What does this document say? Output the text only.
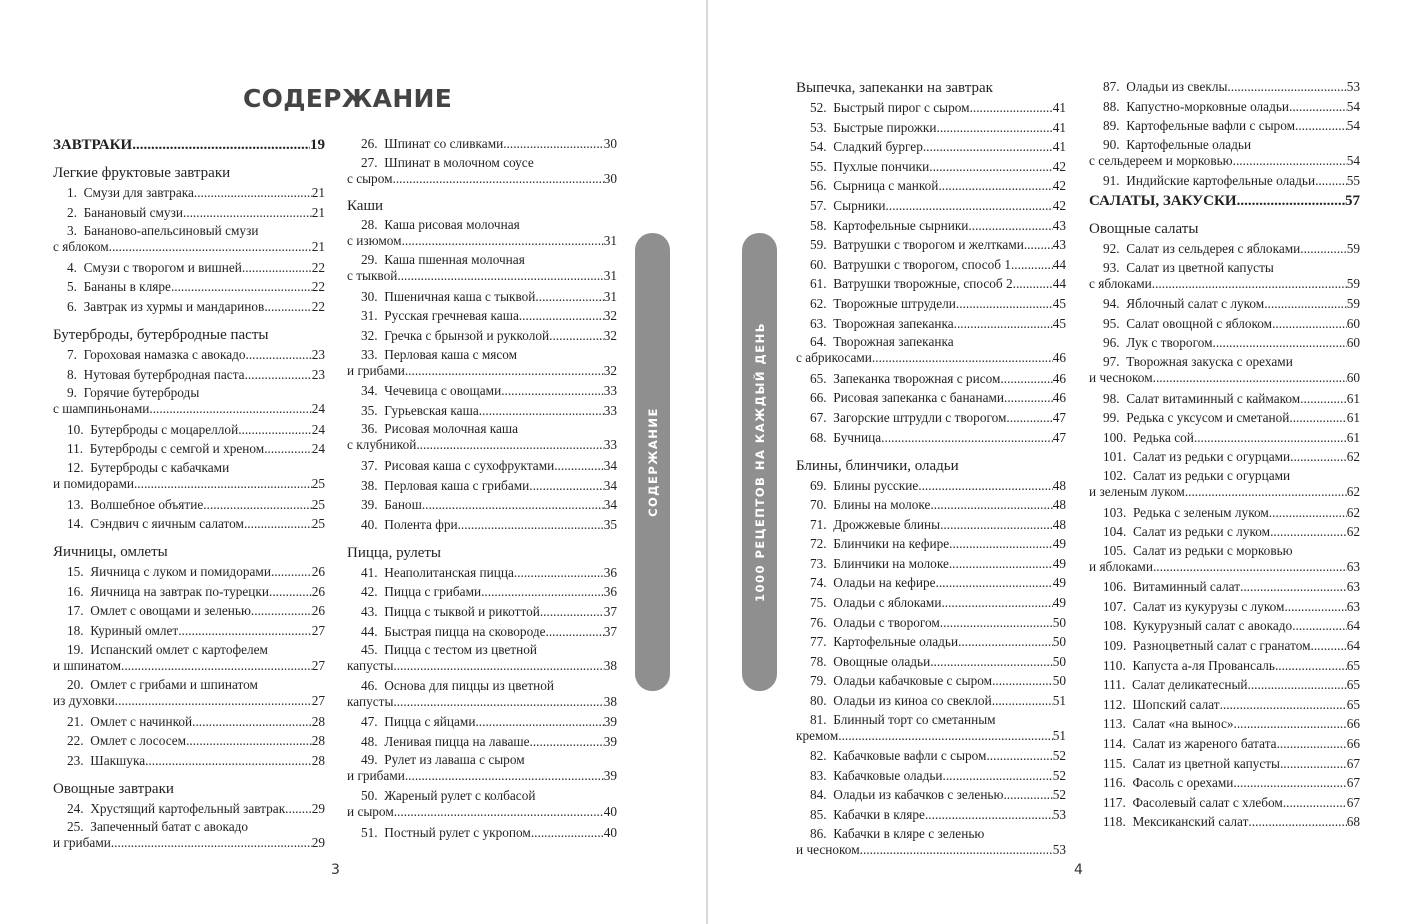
СОДЕРЖАНИЕ
ЗАВТРАКИ .....	19
Легкие фруктовые завтраки
1. Смузи для завтрака .....	21
2. Банановый смузи .....	21
3. Бананово-апельсиновый смузи
с яблоком .....	21
4. Смузи с творогом и вишней .....	22
5. Бананы в кляре .....	22
6. Завтрак из хурмы и мандаринов .....	22
Бутерброды, бутербродные пасты
7. Гороховая намазка с авокадо .....	23
8. Нутовая бутербродная паста .....	23
9. Горячие бутерброды
с шампиньонами .....	24
10. Бутерброды с моцареллой .....	24
11. Бутерброды с семгой и хреном .....	24
12. Бутерброды с кабачками
и помидорами .....	25
13. Волшебное объятие .....	25
14. Сэндвич с яичным салатом .....	25
Яичницы, омлеты
15. Яичница с луком и помидорами .....	26
16. Яичница на завтрак по-турецки .....	26
17. Омлет с овощами и зеленью .....	26
18. Куриный омлет .....	27
19. Испанский омлет с картофелем
и шпинатом .....	27
20. Омлет с грибами и шпинатом
из духовки .....	27
21. Омлет с начинкой .....	28
22. Омлет с лососем .....	28
23. Шакшука .....	28
Овощные завтраки
24. Хрустящий картофельный завтрак ..... 29
25. Запеченный батат с авокадо
и грибами .....	29
26. Шпинат со сливками .....	30
27. Шпинат в молочном соусе
с сыром .....	30
Каши
28. Каша рисовая молочная
с изюмом .....	31
29. Каша пшенная молочная
с тыквой .....	31
30. Пшеничная каша с тыквой .....	31
31. Русская гречневая каша .....	32
32. Гречка с брынзой и рукколой .....	32
33. Перловая каша с мясом
и грибами .....	32
34. Чечевица с овощами .....	33
35. Гурьевская каша .....	33
36. Рисовая молочная каша
с клубникой .....	33
37. Рисовая каша с сухофруктами .....	34
38. Перловая каша с грибами .....	34
39. Банош .....	34
40. Полента фри .....	35
Пицца, рулеты
41. Неаполитанская пицца .....	36
42. Пицца с грибами .....	36
43. Пицца с тыквой и рикоттой .....	37
44. Быстрая пицца на сковороде .....	37
45. Пицца с тестом из цветной
капусты .....	38
46. Основа для пиццы из цветной
капусты .....	38
47. Пицца с яйцами .....	39
48. Ленивая пицца на лаваше .....	39
49. Рулет из лаваша с сыром
и грибами .....	39
50. Жареный рулет с колбасой
и сыром .....	40
51. Постный рулет с укропом .....	40
СОДЕРЖАНИЕ
3
1000 РЕЦЕПТОВ НА КАЖДЫЙ ДЕНЬ
Выпечка, запеканки на завтрак
52. Быстрый пирог с сыром .....	41
53. Быстрые пирожки .....	41
54. Сладкий бургер .....	41
55. Пухлые пончики .....	42
56. Сырница с манкой .....	42
57. Сырники .....	42
58. Картофельные сырники .....	43
59. Ватрушки с творогом и желтками ..... 43
60. Ватрушки с творогом, способ 1 .....	44
61. Ватрушки творожные, способ 2 .....	44
62. Творожные штрудели .....	45
63. Творожная запеканка .....	45
64. Творожная запеканка
с абрикосами .....	46
65. Запеканка творожная с рисом .....	46
66. Рисовая запеканка с бананами .....	46
67. Загорские штрудли с творогом .....	47
68. Бучница .....	47
Блины, блинчики, оладьи
69. Блины русские .....	48
70. Блины на молоке .....	48
71. Дрожжевые блины .....	48
72. Блинчики на кефире .....	49
73. Блинчики на молоке .....	49
74. Оладьи на кефире .....	49
75. Оладьи с яблоками .....	49
76. Оладьи с творогом .....	50
77. Картофельные оладьи .....	50
78. Овощные оладьи .....	50
79. Оладьи кабачковые с сыром .....	50
80. Оладьи из киноа со свеклой .....	51
81. Блинный торт со сметанным
кремом .....	51
82. Кабачковые вафли с сыром .....	52
83. Кабачковые оладьи .....	52
84. Оладьи из кабачков с зеленью .....	52
85. Кабачки в кляре .....	53
86. Кабачки в кляре с зеленью
и чесноком .....	53
87. Оладьи из свеклы .....	53
88. Капустно-морковные оладьи .....	54
89. Картофельные вафли с сыром .....	54
90. Картофельные оладьи
с сельдереем и морковью .....	54
91. Индийские картофельные оладьи ..... 55
САЛАТЫ, ЗАКУСКИ .....	57
Овощные салаты
92. Салат из сельдерея с яблоками .....	59
93. Салат из цветной капусты
с яблоками .....	59
94. Яблочный салат с луком .....	59
95. Салат овощной с яблоком .....	60
96. Лук с творогом .....	60
97. Творожная закуска с орехами
и чесноком .....	60
98. Салат витаминный с каймаком .....	61
99. Редька с уксусом и сметаной .....	61
100. Редька сой .....	61
101. Салат из редьки с огурцами .....	62
102. Салат из редьки с огурцами
и зеленым луком .....	62
103. Редька с зеленым луком .....	62
104. Салат из редьки с луком .....	62
105. Салат из редьки с морковью
и яблоками .....	63
106. Витаминный салат .....	63
107. Салат из кукурузы с луком .....	63
108. Кукурузный салат с авокадо .....	64
109. Разноцветный салат с гранатом .....	64
110. Капуста а-ля Провансаль .....	65
111. Салат деликатесный .....	65
112. Шопский салат .....	65
113. Салат «на вынос» .....	66
114. Салат из жареного батата .....	66
115. Салат из цветной капусты .....	67
116. Фасоль с орехами .....	67
117. Фасолевый салат с хлебом .....	67
118. Мексиканский салат .....	68
4
